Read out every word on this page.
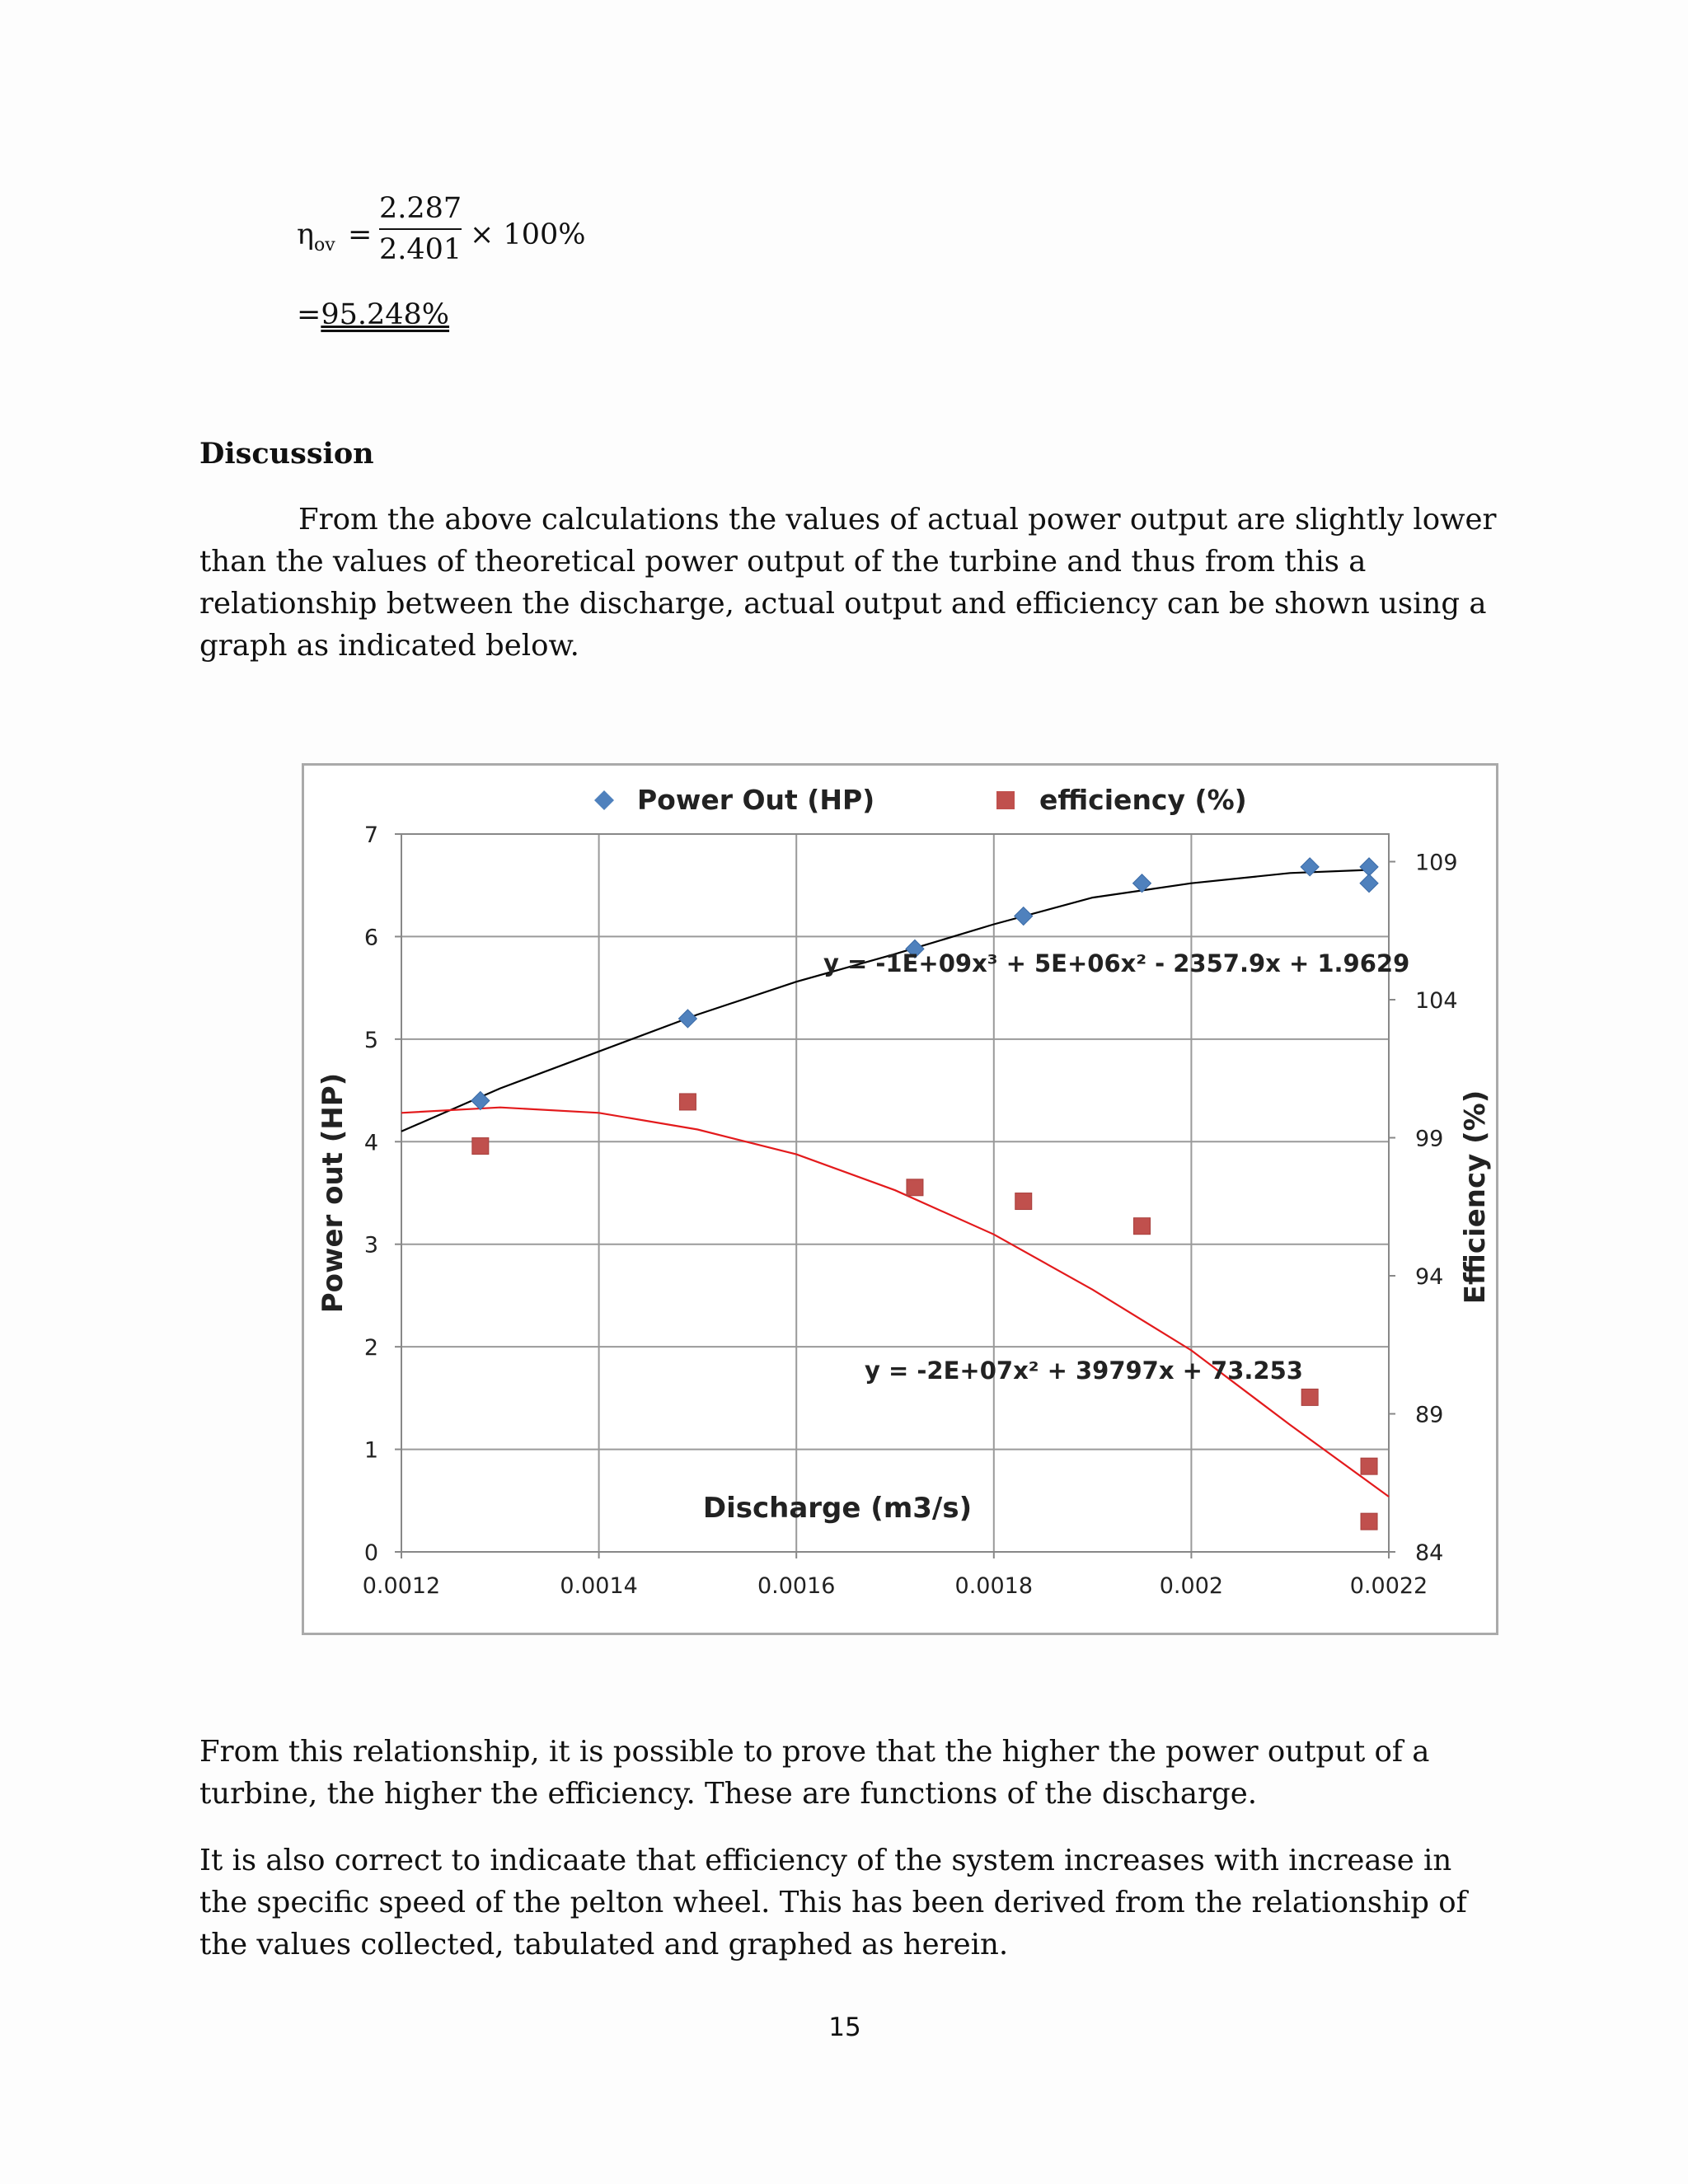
$\eta_{ov} = \frac{2.287}{2.401} \times 100\%$
=95.248%
Discussion
From the above calculations the values of actual power output are slightly lower than the values of theoretical power output of the turbine and thus from this a relationship between the discharge, actual output and efficiency can be shown using a graph as indicated below.
0
1
2
3
4
5
6
7
84
89
94
99
104
109
0.0012	0.0014	0.0016	0.0018	0.002	0.0022
Discharge (m3/s)
Power out (HP)	Efficiency (%)
Power Out (HP)	efficiency (%)
y = -1E+09x³ + 5E+06x² - 2357.9x + 1.9629
y = -2E+07x² + 39797x + 73.253
From this relationship, it is possible to prove that the higher the power output of a turbine, the higher the efficiency. These are functions of the discharge.
It is also correct to indicaate that efficiency of the system increases with increase in the specific speed of the pelton wheel. This has been derived from the relationship of the values collected, tabulated and graphed as herein.
15
